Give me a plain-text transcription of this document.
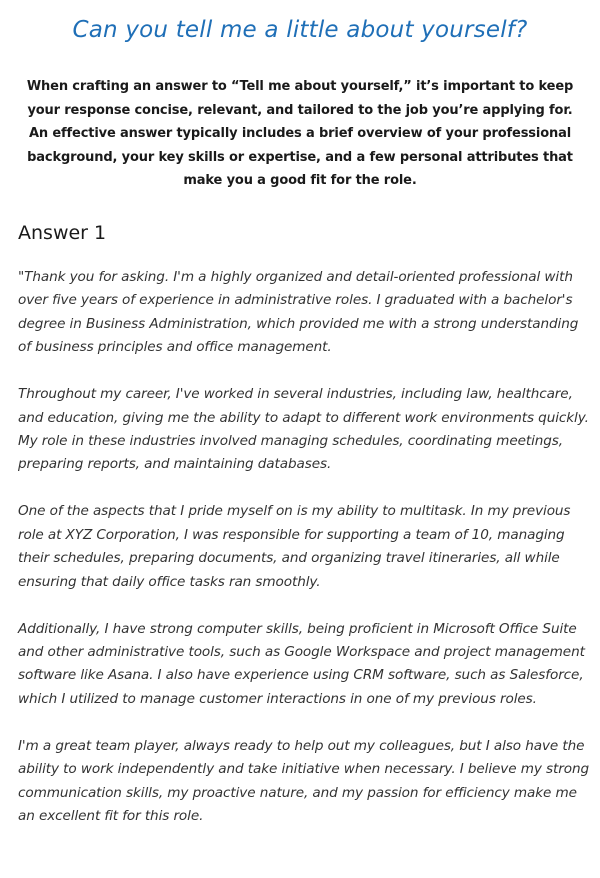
Can you tell me a little about yourself?

When crafting an answer to “Tell me about yourself,” it’s important to keep your response concise, relevant, and tailored to the job you’re applying for. An effective answer typically includes a brief overview of your professional background, your key skills or expertise, and a few personal attributes that make you a good fit for the role.

Answer 1

"Thank you for asking. I'm a highly organized and detail-oriented professional with over five years of experience in administrative roles. I graduated with a bachelor's degree in Business Administration, which provided me with a strong understanding of business principles and office management.

Throughout my career, I've worked in several industries, including law, healthcare, and education, giving me the ability to adapt to different work environments quickly. My role in these industries involved managing schedules, coordinating meetings, preparing reports, and maintaining databases.

One of the aspects that I pride myself on is my ability to multitask. In my previous role at XYZ Corporation, I was responsible for supporting a team of 10, managing their schedules, preparing documents, and organizing travel itineraries, all while ensuring that daily office tasks ran smoothly.

Additionally, I have strong computer skills, being proficient in Microsoft Office Suite and other administrative tools, such as Google Workspace and project management software like Asana. I also have experience using CRM software, such as Salesforce, which I utilized to manage customer interactions in one of my previous roles.

I'm a great team player, always ready to help out my colleagues, but I also have the ability to work independently and take initiative when necessary. I believe my strong communication skills, my proactive nature, and my passion for efficiency make me an excellent fit for this role.
